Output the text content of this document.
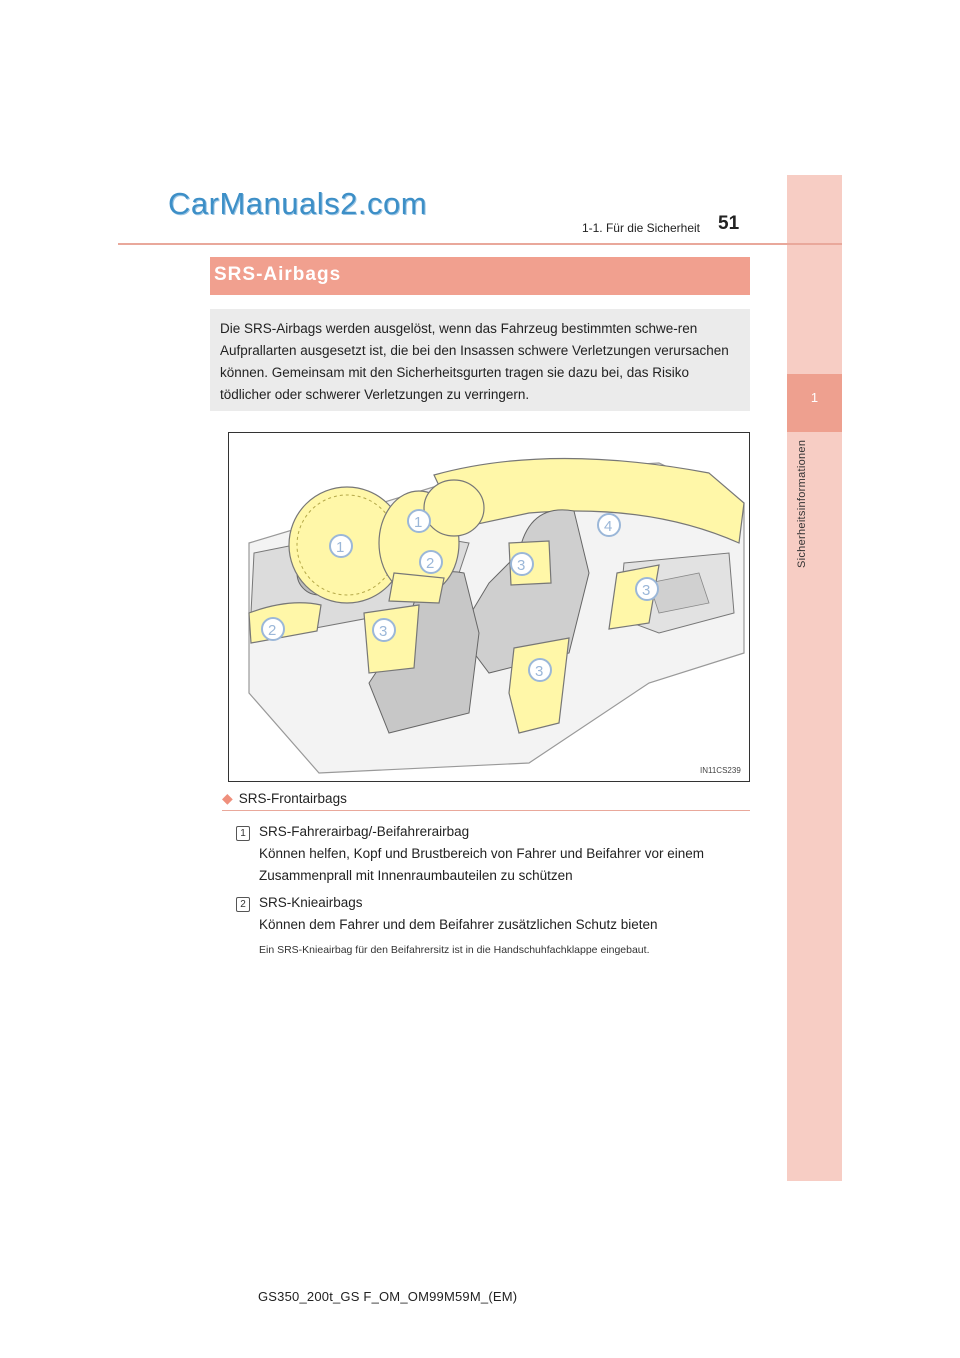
1
Sicherheitsinformationen
CarManuals2.com
1-1. Für die Sicherheit 51
SRS-Airbags
Die SRS-Airbags werden ausgelöst, wenn das Fahrzeug bestimmten schwe-ren Aufprallarten ausgesetzt ist, die bei den Insassen schwere Verletzungen verursachen können. Gemeinsam mit den Sicherheitsgurten tragen sie dazu bei, das Risiko tödlicher oder schwerer Verletzungen zu verringern.
1
1
2
2
3
3
3
3
4
IN11CS239
◆ SRS-Frontairbags
1 SRS-Fahrerairbag/-Beifahrerairbag
Können helfen, Kopf und Brustbereich von Fahrer und Beifahrer vor einem
Zusammenprall mit Innenraumbauteilen zu schützen
2 SRS-Knieairbags
Können dem Fahrer und dem Beifahrer zusätzlichen Schutz bieten
Ein SRS-Knieairbag für den Beifahrersitz ist in die Handschuhfachklappe eingebaut.
GS350_200t_GS F_OM_OM99M59M_(EM)
